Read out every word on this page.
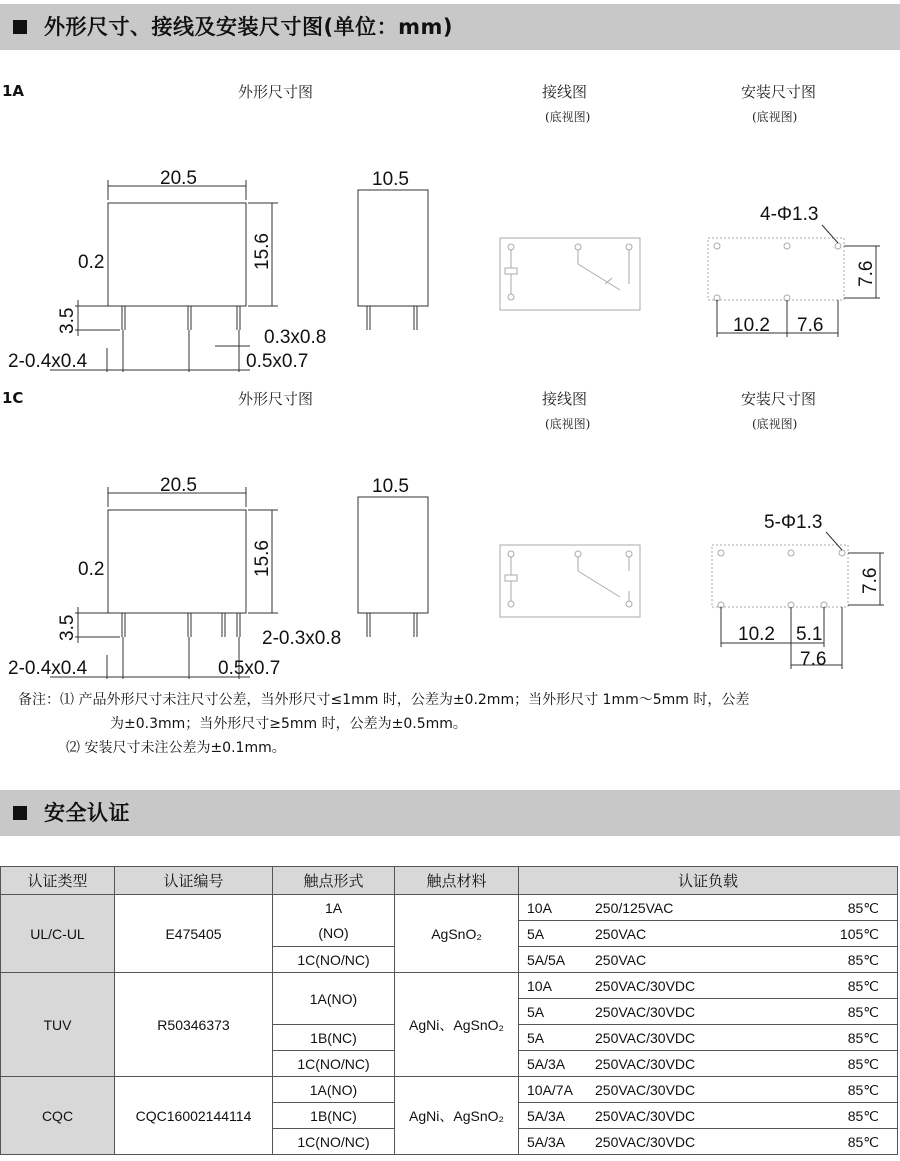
外形尺寸、接线及安装尺寸图(单位：mm)
1A	外形尺寸图	接线图
(底视图)
安装尺寸图
(底视图)
1C	外形尺寸图	接线图
(底视图)
安装尺寸图
(底视图)
20.5
15.6
0.2
3.5
2-0.4x0.4
0.3x0.8
0.5x0.7
10.5
4-Φ1.3
7.6
10.2 7.6
20.5
15.6
0.2
3.5
2-0.4x0.4
2-0.3x0.8
0.5x0.7
10.5
5-Φ1.3
7.6
10.2 5.1
7.6
备注：⑴ 产品外形尺寸未注尺寸公差，当外形尺寸≤1mm 时，公差为±0.2mm；当外形尺寸 1mm～5mm 时，公差
为±0.3mm；当外形尺寸≥5mm 时，公差为±0.5mm。
⑵ 安装尺寸未注公差为±0.1mm。
安全认证
认证类型	认证编号	触点形式	触点材料	认证负载
UL/C-UL	E475405	1A	AgSnO₂	10A 250/125VAC 85℃

		(NO)		5A 250VAC 105℃

		1C(NO/NC)		5A/5A 250VAC 85℃

TUV	R50346373	1A(NO)	AgNi、AgSnO₂	10A 250VAC/30VDC 85℃

				5A 250VAC/30VDC 85℃

		1B(NC)		5A 250VAC/30VDC 85℃

		1C(NO/NC)		5A/3A 250VAC/30VDC 85℃

CQC	CQC16002144114	1A(NO)	AgNi、AgSnO₂	10A/7A 250VAC/30VDC 85℃

		1B(NC)		5A/3A 250VAC/30VDC 85℃

		1C(NO/NC)		5A/3A 250VAC/30VDC 85℃
